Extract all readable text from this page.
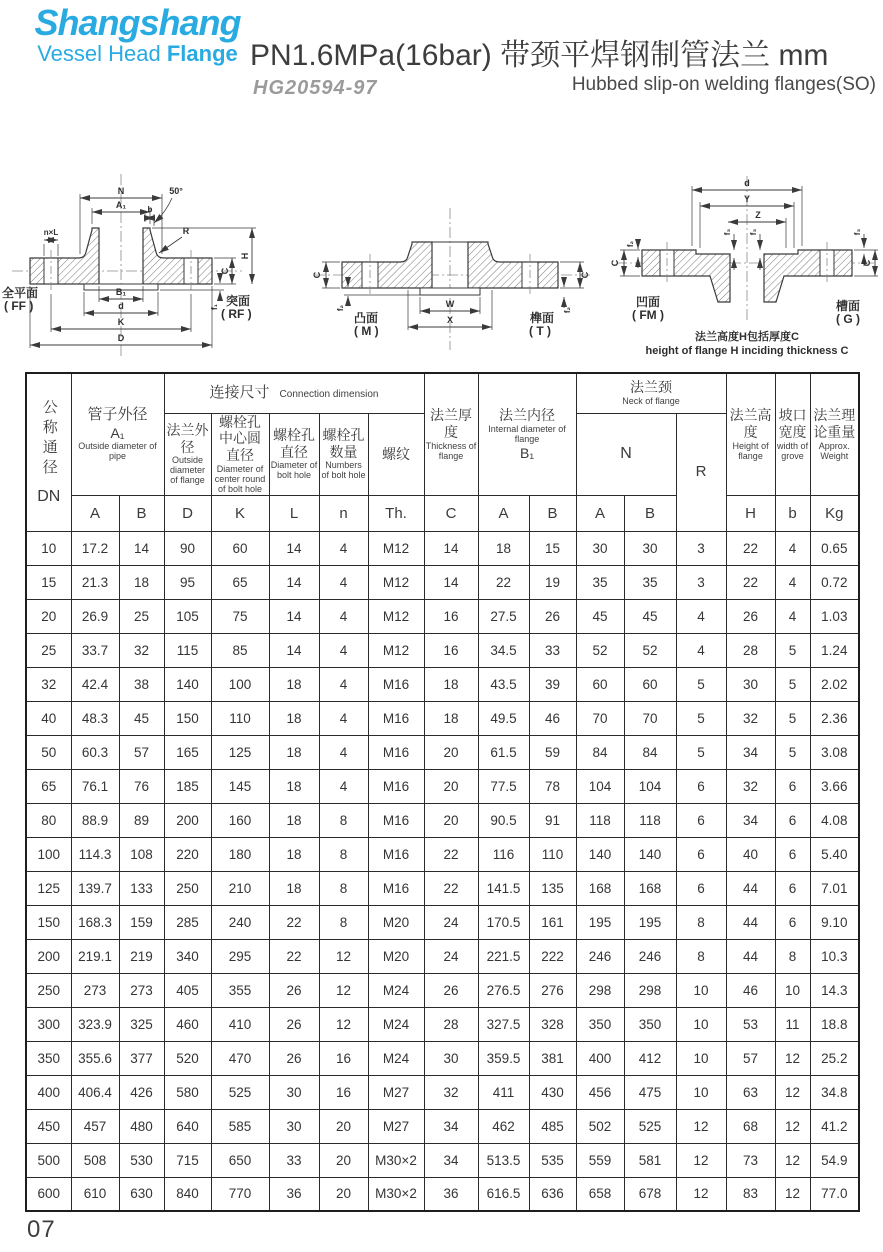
Shangshang
Vessel Head Flange PN1.6MPa(16bar) 带颈平焊钢制管法兰 mm
HG20594-97	Hubbed slip-on welding flanges(SO)
N
A₁
50°
b
R
n×L
C
H
f₁
B₁
d
K
D
全平面
( FF )	突面
( RF )
C
f₂	W
X
C
f₂
凸面
( M )
榫面
( T )
d
Y
Z
f₃ f₃	f₃
C
f₂
C
凹面
( FM )
槽面
( G )
法兰高度H包括厚度C
height of flange H inciding thickness C
公称通径
DN	管子外径
A₁
Outside diameter of pipe		连接尺寸 Connection dimension					法兰厚度
Thickness of flange	法兰内径
Internal diameter of flange
B₁		法兰颈
Neck of flange			法兰高度
Height of flange	坡口宽度
width of grove	法兰理论重量
Approx. Weight

			法兰外径
Outside diameter of flange	螺栓孔中心圆直径
Diameter of center round of bolt hole	螺栓孔直径
Diameter of bolt hole	螺栓孔数量
Numbers of bolt hole	螺纹				N		R			

	A	B	D	K	L	n	Th.	C	A	B	A	B		H	b	Kg
10	17.2	14	90	60	14	4	M12	14	18	15	30	30	3	22	4	0.65
15	21.3	18	95	65	14	4	M12	14	22	19	35	35	3	22	4	0.72
20	26.9	25	105	75	14	4	M12	16	27.5	26	45	45	4	26	4	1.03
25	33.7	32	115	85	14	4	M12	16	34.5	33	52	52	4	28	5	1.24
32	42.4	38	140	100	18	4	M16	18	43.5	39	60	60	5	30	5	2.02
40	48.3	45	150	110	18	4	M16	18	49.5	46	70	70	5	32	5	2.36
50	60.3	57	165	125	18	4	M16	20	61.5	59	84	84	5	34	5	3.08
65	76.1	76	185	145	18	4	M16	20	77.5	78	104	104	6	32	6	3.66
80	88.9	89	200	160	18	8	M16	20	90.5	91	118	118	6	34	6	4.08
100	114.3	108	220	180	18	8	M16	22	116	110	140	140	6	40	6	5.40
125	139.7	133	250	210	18	8	M16	22	141.5	135	168	168	6	44	6	7.01
150	168.3	159	285	240	22	8	M20	24	170.5	161	195	195	8	44	6	9.10
200	219.1	219	340	295	22	12	M20	24	221.5	222	246	246	8	44	8	10.3
250	273	273	405	355	26	12	M24	26	276.5	276	298	298	10	46	10	14.3
300	323.9	325	460	410	26	12	M24	28	327.5	328	350	350	10	53	11	18.8
350	355.6	377	520	470	26	16	M24	30	359.5	381	400	412	10	57	12	25.2
400	406.4	426	580	525	30	16	M27	32	411	430	456	475	10	63	12	34.8
450	457	480	640	585	30	20	M27	34	462	485	502	525	12	68	12	41.2
500	508	530	715	650	33	20	M30×2	34	513.5	535	559	581	12	73	12	54.9
600	610	630	840	770	36	20	M30×2	36	616.5	636	658	678	12	83	12	77.0
07
